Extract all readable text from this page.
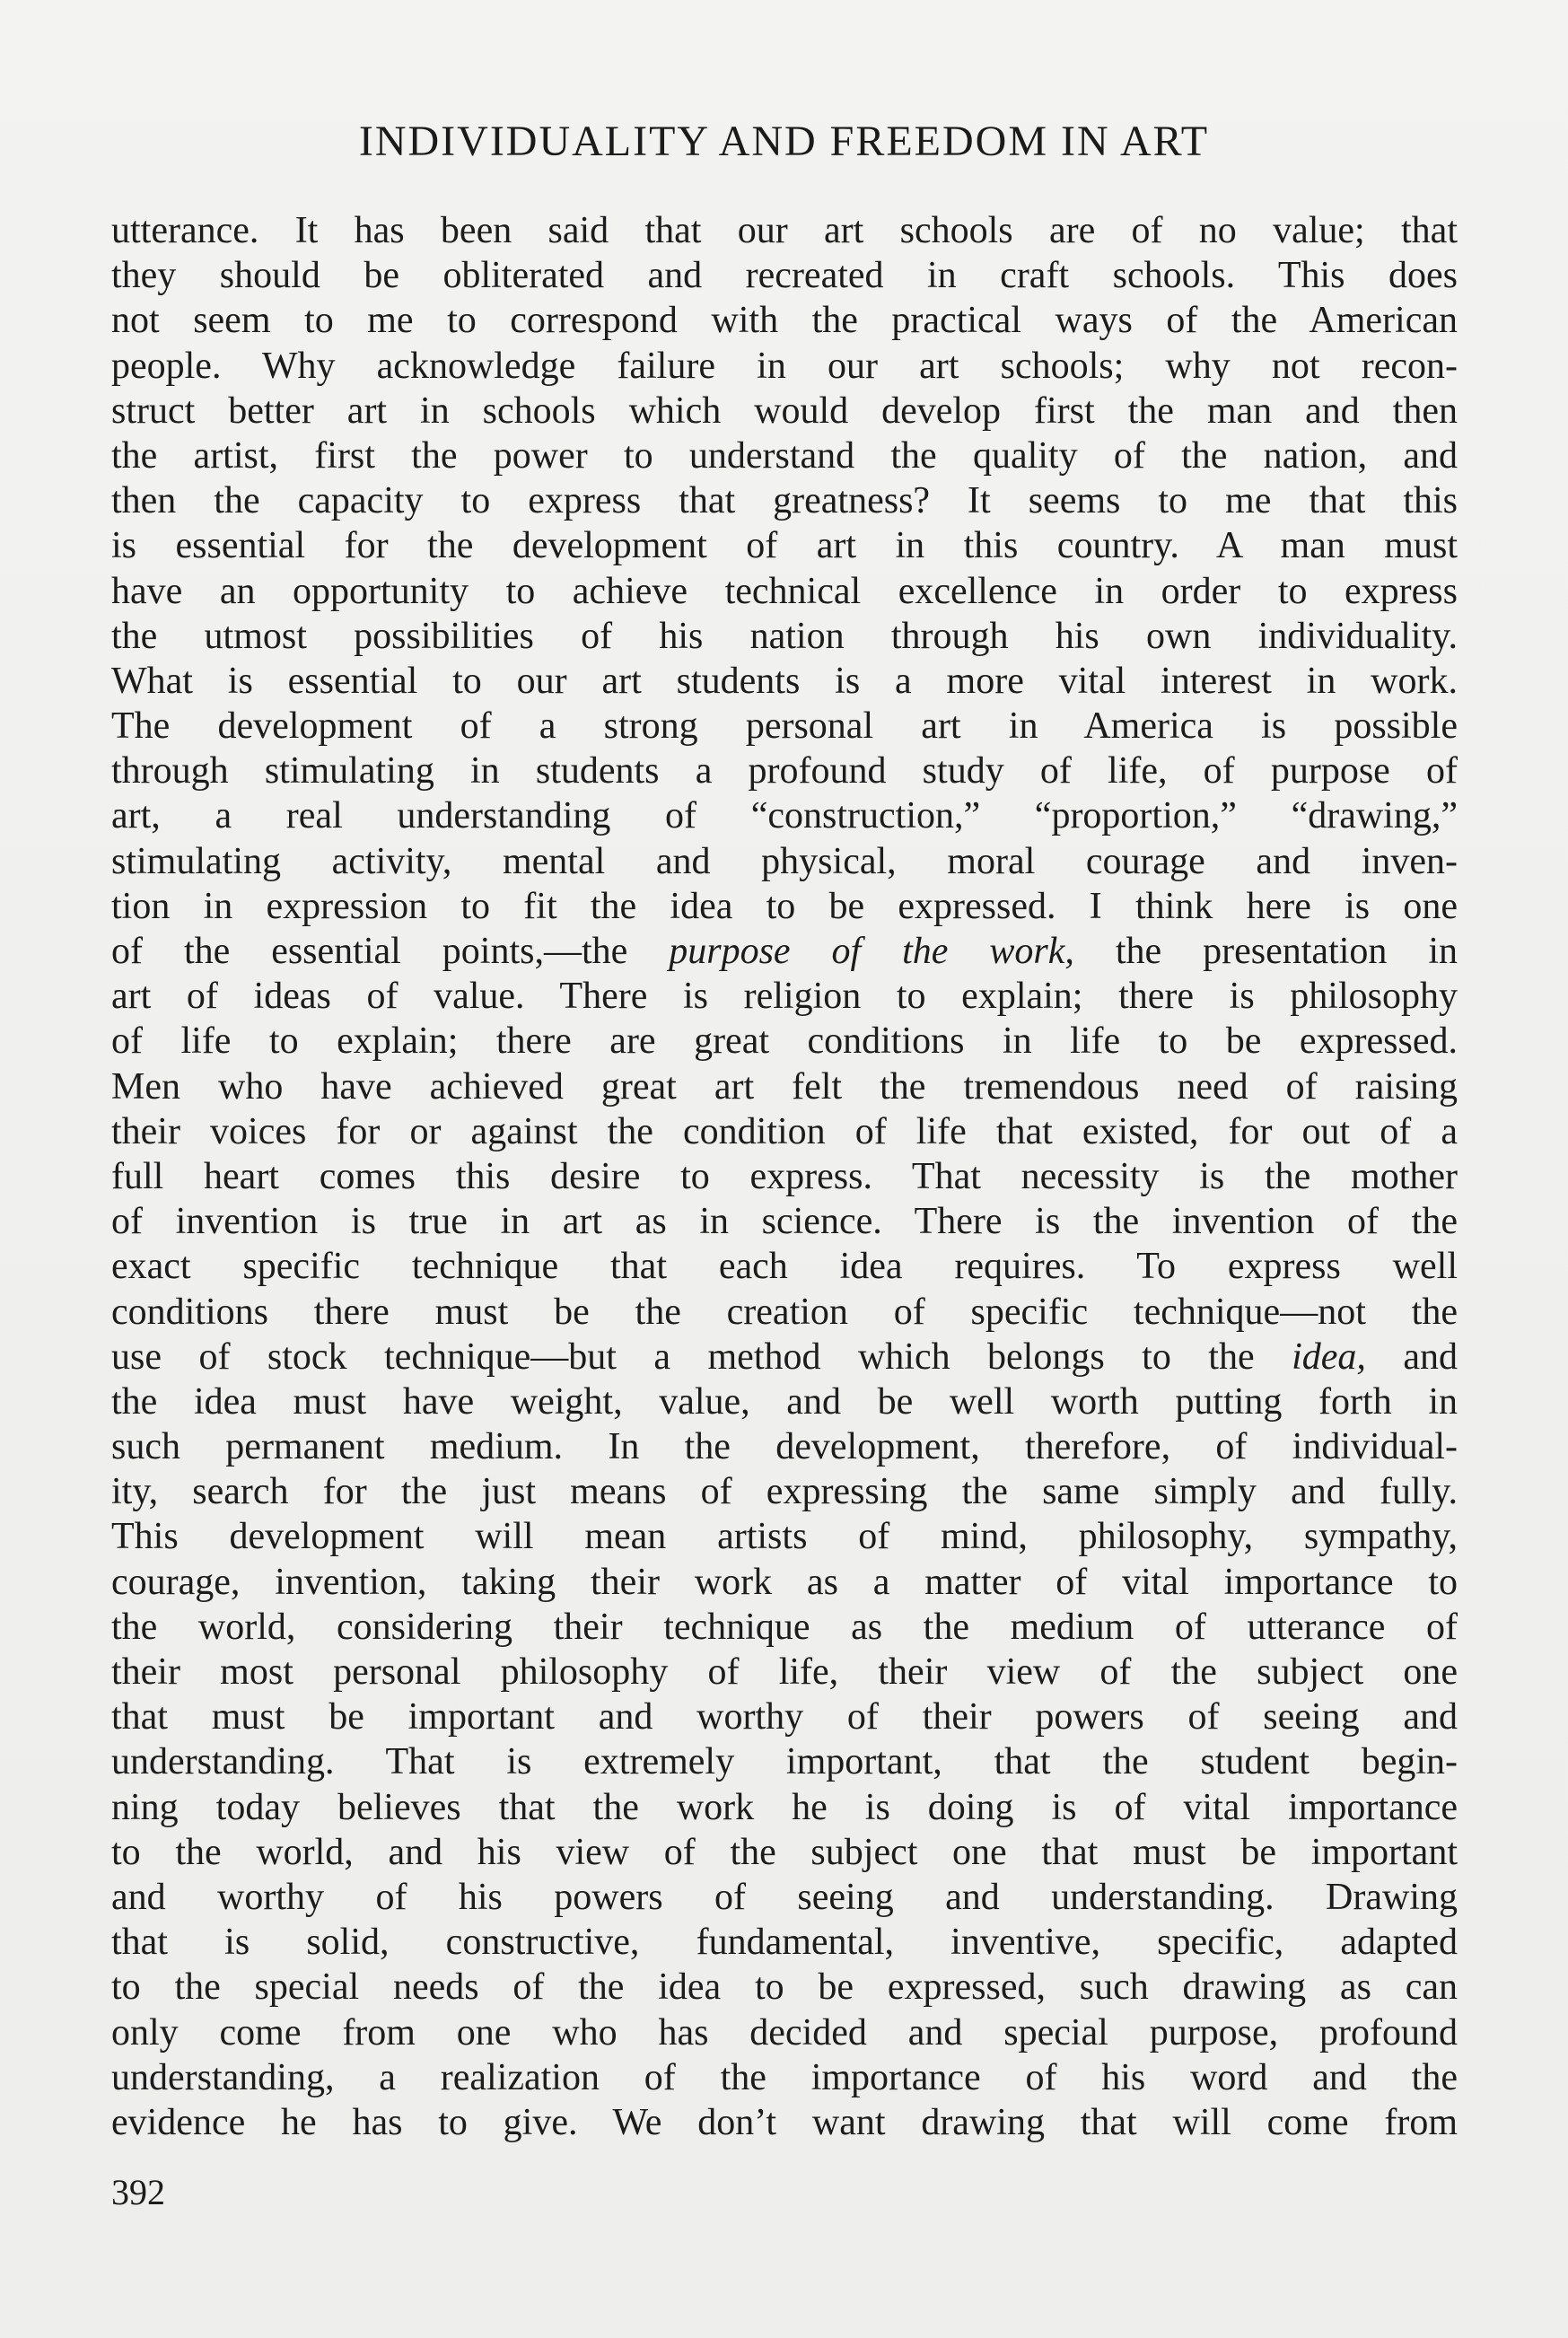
INDIVIDUALITY AND FREEDOM IN ART
utterance. It has been said that our art schools are of no value; that
they should be obliterated and recreated in craft schools. This does
not seem to me to correspond with the practical ways of the American
people. Why acknowledge failure in our art schools; why not recon-
struct better art in schools which would develop first the man and then
the artist, first the power to understand the quality of the nation, and
then the capacity to express that greatness? It seems to me that this
is essential for the development of art in this country. A man must
have an opportunity to achieve technical excellence in order to express
the utmost possibilities of his nation through his own individuality.
What is essential to our art students is a more vital interest in work.
The development of a strong personal art in America is possible
through stimulating in students a profound study of life, of purpose of
art, a real understanding of “construction,” “proportion,” “drawing,”
stimulating activity, mental and physical, moral courage and inven-
tion in expression to fit the idea to be expressed. I think here is one
of the essential points,—the purpose of the work, the presentation in
art of ideas of value. There is religion to explain; there is philosophy
of life to explain; there are great conditions in life to be expressed.
Men who have achieved great art felt the tremendous need of raising
their voices for or against the condition of life that existed, for out of a
full heart comes this desire to express. That necessity is the mother
of invention is true in art as in science. There is the invention of the
exact specific technique that each idea requires. To express well
conditions there must be the creation of specific technique—not the
use of stock technique—but a method which belongs to the idea, and
the idea must have weight, value, and be well worth putting forth in
such permanent medium. In the development, therefore, of individual-
ity, search for the just means of expressing the same simply and fully.
This development will mean artists of mind, philosophy, sympathy,
courage, invention, taking their work as a matter of vital importance to
the world, considering their technique as the medium of utterance of
their most personal philosophy of life, their view of the subject one
that must be important and worthy of their powers of seeing and
understanding. That is extremely important, that the student begin-
ning today believes that the work he is doing is of vital importance
to the world, and his view of the subject one that must be important
and worthy of his powers of seeing and understanding. Drawing
that is solid, constructive, fundamental, inventive, specific, adapted
to the special needs of the idea to be expressed, such drawing as can
only come from one who has decided and special purpose, profound
understanding, a realization of the importance of his word and the
evidence he has to give. We don’t want drawing that will come from
392
